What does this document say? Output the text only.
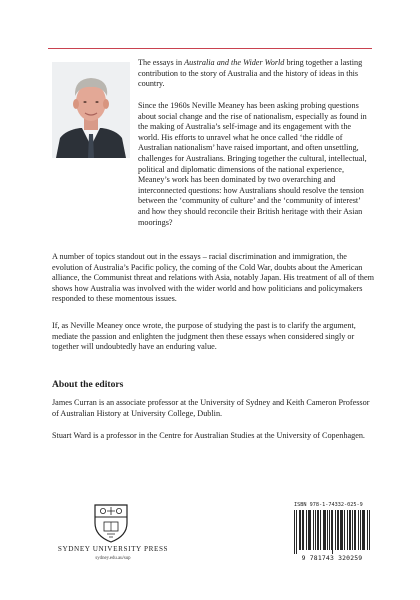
The essays in Australia and the Wider World bring together a lasting contribution to the story of Australia and the history of ideas in this country.

Since the 1960s Neville Meaney has been asking probing questions about social change and the rise of nationalism, especially as found in the making of Australia’s self-image and its engagement with the world. His efforts to unravel what he once called ‘the riddle of Australian nationalism’ have raised important, and often unsettling, challenges for Australians. Bringing together the cultural, intellectual, political and diplomatic dimensions of the national experience, Meaney’s work has been dominated by two overarching and interconnected questions: how Australians should resolve the tension between the ‘community of culture’ and the ‘community of interest’ and how they should reconcile their British heritage with their Asian moorings?

A number of topics standout out in the essays – racial discrimination and immigration, the evolution of Australia’s Pacific policy, the coming of the Cold War, doubts about the American alliance, the Communist threat and relations with Asia, notably Japan. His treatment of all of them shows how Australia was involved with the wider world and how politicians and policymakers responded to these momentous issues.

If, as Neville Meaney once wrote, the purpose of studying the past is to clarify the argument, mediate the passion and enlighten the judgment then these essays when considered singly or together will undoubtedly have an enduring value.

About the editors

James Curran is an associate professor at the University of Sydney and Keith Cameron Professor of Australian History at University College, Dublin.

Stuart Ward is a professor in the Centre for Australian Studies at the University of Copenhagen.

SYDNEY UNIVERSITY PRESS
sydney.edu.au/sup
ISBN 978-1-74332-025-9
9 781743 320259
